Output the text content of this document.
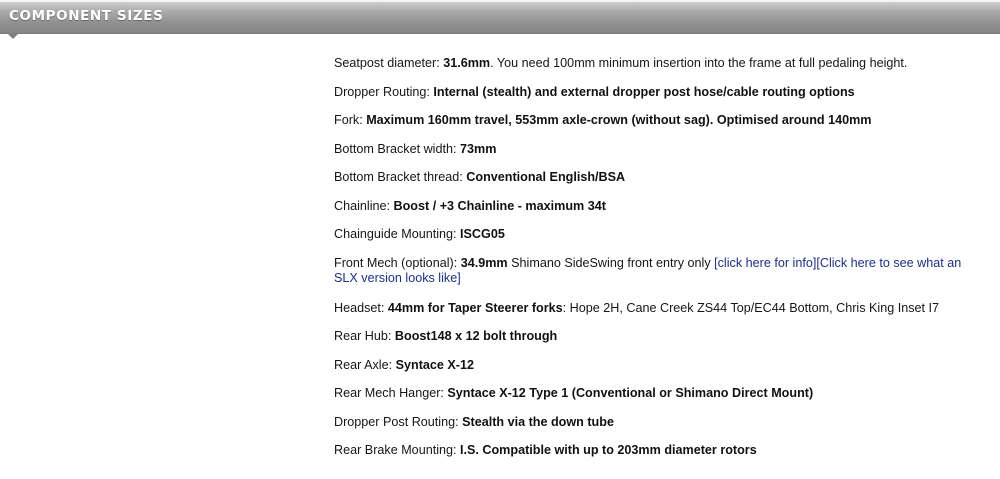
COMPONENT SIZES
Seatpost diameter: 31.6mm. You need 100mm minimum insertion into the frame at full pedaling height.
Dropper Routing: Internal (stealth) and external dropper post hose/cable routing options
Fork: Maximum 160mm travel, 553mm axle-crown (without sag). Optimised around 140mm
Bottom Bracket width: 73mm
Bottom Bracket thread: Conventional English/BSA
Chainline: Boost / +3 Chainline - maximum 34t
Chainguide Mounting: ISCG05
Front Mech (optional): 34.9mm Shimano SideSwing front entry only [click here for info][Click here to see what an SLX version looks like]
Headset: 44mm for Taper Steerer forks: Hope 2H, Cane Creek ZS44 Top/EC44 Bottom, Chris King Inset I7
Rear Hub: Boost148 x 12 bolt through
Rear Axle: Syntace X-12
Rear Mech Hanger: Syntace X-12 Type 1 (Conventional or Shimano Direct Mount)
Dropper Post Routing: Stealth via the down tube
Rear Brake Mounting: I.S. Compatible with up to 203mm diameter rotors
